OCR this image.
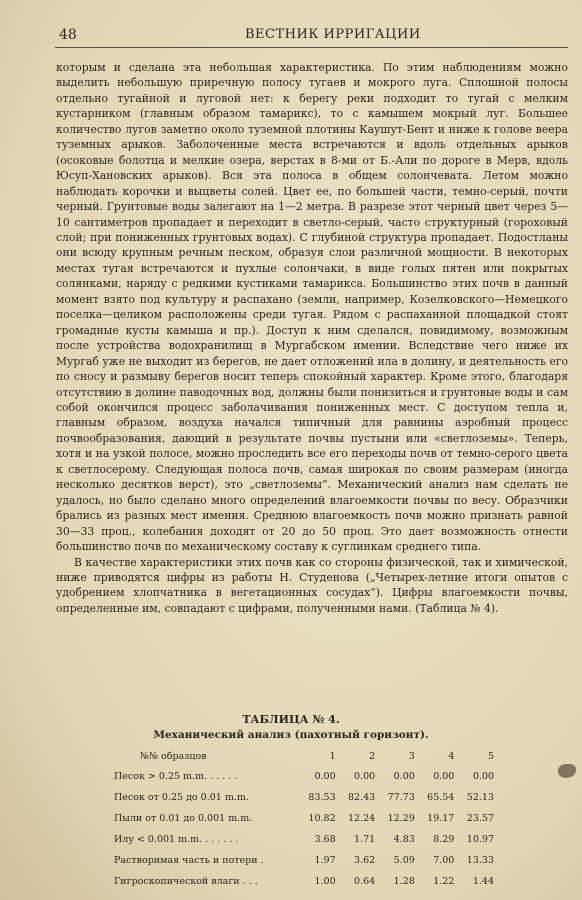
48	ВЕСТНИК ИРРИГАЦИИ

которым и сделана эта небольшая характеристика. По этим наблюдениям можно выделить небольшую приречную полосу тугаев и мокрого луга. Сплошной полосы отдельно тугайной и луговой нет: к берегу реки подходит то тугай с мелким кустарником (главным образом тамарикс), то с камышем мокрый луг. Большее количество лугов заметно около туземной плотины Каушут-Бент и ниже к голове веера туземных арыков. Заболоченные места встречаются и вдоль отдельных арыков (осоковые болотца и мелкие озера, верстах в 8-ми от Б.-Али по дороге в Мерв, вдоль Юсуп-Хановских арыков). Вся эта полоса в общем солончевата. Летом можно наблюдать корочки и выцветы солей. Цвет ее, по большей части, темно-серый, почти черный. Грунтовые воды залегают на 1—2 метра. В разрезе этот черный цвет через 5—10 сантиметров пропадает и переходит в светло-серый, часто структурный (гороховый слой; при пониженных грунтовых водах). С глубиной структура пропадает. Подостланы они всюду крупным речным песком, образуя слои различной мощности. В некоторых местах тугая встречаются и пухлые солончаки, в виде голых пятен или покрытых солянками, наряду с редкими кустиками тамарикса. Большинство этих почв в данный момент взято под культуру и распахано (земли, например, Козелковского—Немецкого поселка—целиком расположены среди тугая. Рядом с распаханной площадкой стоят громадные кусты камыша и пр.). Доступ к ним сделался, повидимому, возможным после устройства водохранилищ в Мургабском имении. Вследствие чего ниже их Мургаб уже не выходит из берегов, не дает отложений ила в долину, и деятельность его по сносу и размыву берегов носит теперь спокойный характер. Кроме этого, благодаря отсутствию в долине паводочных вод, должны были понизиться и грунтовые воды и сам собой окончился процесс заболачивания пониженных мест. С доступом тепла и, главным образом, воздуха начался типичный для равнины аэробный процесс почвообразования, дающий в результате почвы пустыни или «светлоземы». Теперь, хотя и на узкой полосе, можно проследить все его переходы почв от темно-серого цвета к светлосерому. Следующая полоса почв, самая широкая по своим размерам (иногда несколько десятков верст), это „светлоземы“. Механический анализ нам сделать не удалось, но было сделано много определений влагоемкости почвы по весу. Образчики брались из разных мест имения. Среднюю влагоемкость почв можно признать равной 30—33 проц., колебания доходят от 20 до 50 проц. Это дает возможность отнести большинство почв по механическому составу к суглинкам среднего типа.

В качестве характеристики этих почв как со стороны физической, так и химической, ниже приводятся цифры из работы Н. Студенова („Четырех-летние итоги опытов с удобрением хлопчатника в вегетационных сосудах“). Цифры влагоемкости почвы, определенные им, совпадают с цифрами, полученными нами. (Таблица № 4).

ТАБЛИЦА № 4.
Механический анализ (пахотный горизонт).
№№ образцов	1	2	3	4	5
Песок > 0.25 m.m. . . . . .	0.00	0.00	0.00	0.00	0.00
Песок от 0.25 до 0.01 m.m.	83.53	82.43	77.73	65.54	52.13
Пыли от 0.01 до 0.001 m.m.	10.82	12.24	12.29	19.17	23.57
Илу < 0.001 m.m. . . . . . .	3.68	1.71	4.83	8.29	10.97
Растворимая часть и потери .	1.97	3.62	5.09	7.00	13.33
Гигроскопической влаги . . .	1.00	0.64	1.28	1.22	1.44
